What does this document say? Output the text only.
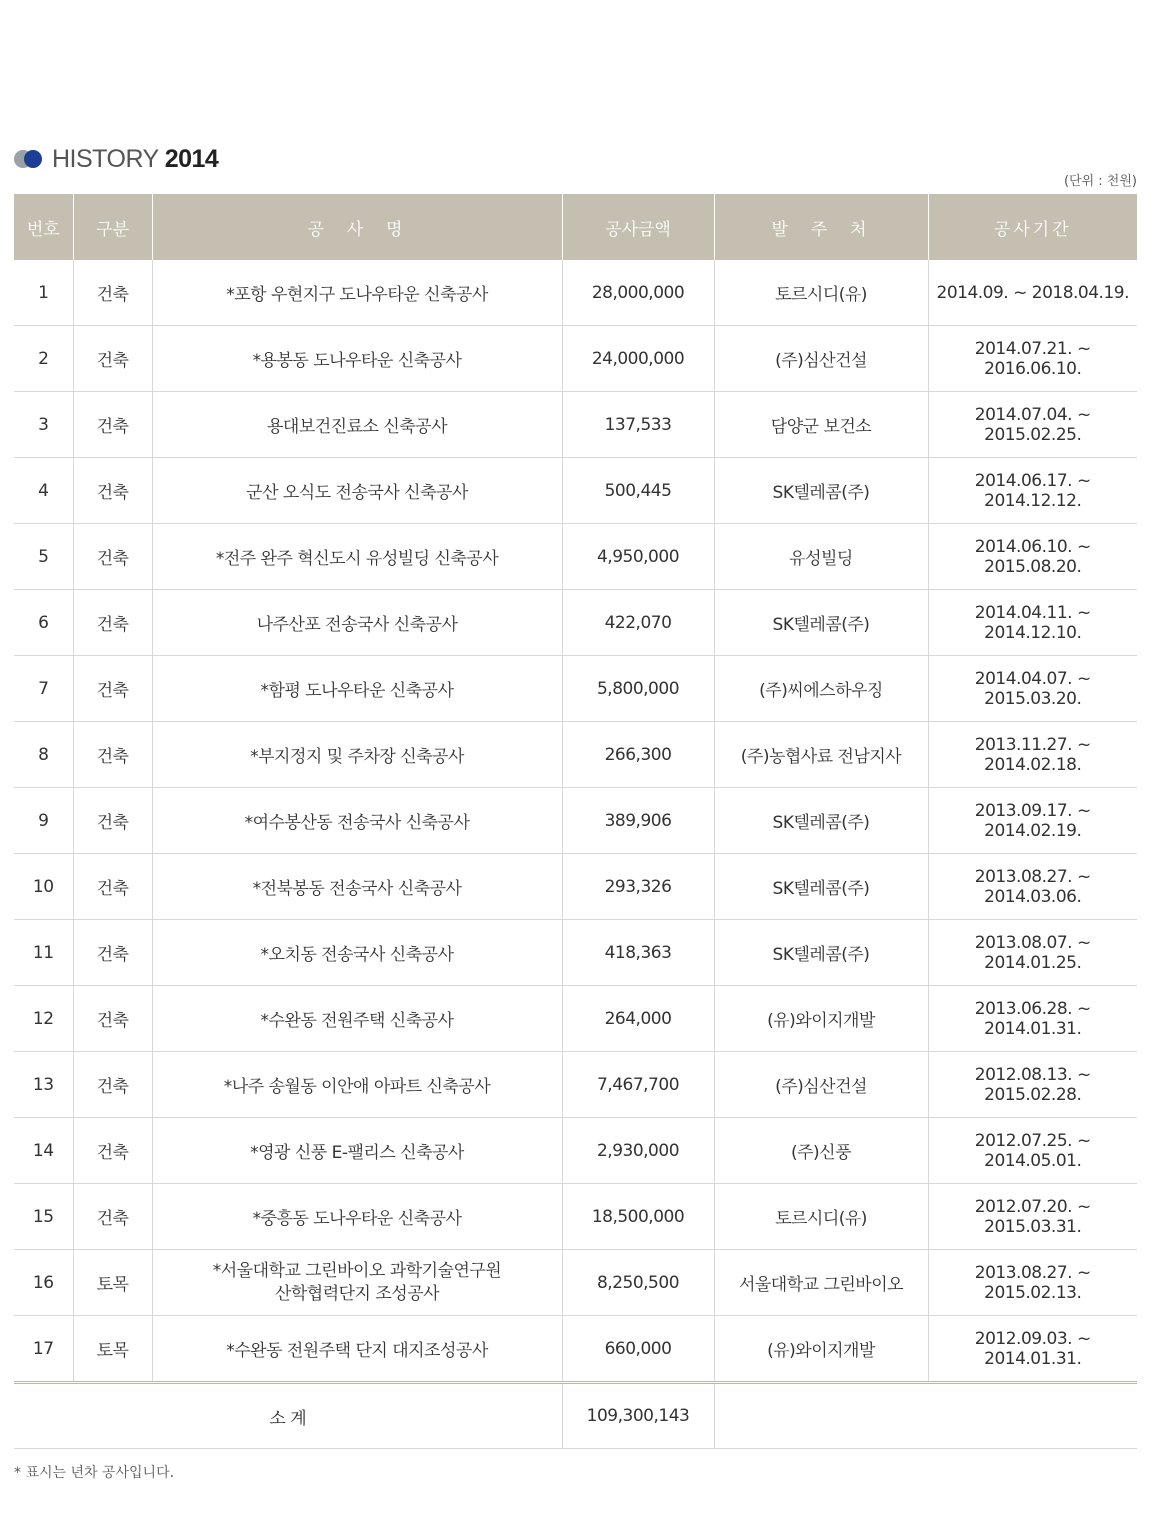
HISTORY 2014
(단위 : 천원)
번호	구분	공  사  명	공사금액	발  주  처	공사기간
1	건축	*포항 우현지구 도나우타운 신축공사	28,000,000	토르시디(유)	2014.09. ~ 2018.04.19.
2	건축	*용봉동 도나우타운 신축공사	24,000,000	(주)심산건설	2014.07.21. ~ 2016.06.10.
3	건축	용대보건진료소 신축공사	137,533	담양군 보건소	2014.07.04. ~ 2015.02.25.
4	건축	군산 오식도 전송국사 신축공사	500,445	SK텔레콤(주)	2014.06.17. ~ 2014.12.12.
5	건축	*전주 완주 혁신도시 유성빌딩 신축공사	4,950,000	유성빌딩	2014.06.10. ~ 2015.08.20.
6	건축	나주산포 전송국사 신축공사	422,070	SK텔레콤(주)	2014.04.11. ~ 2014.12.10.
7	건축	*함평 도나우타운 신축공사	5,800,000	(주)씨에스하우징	2014.04.07. ~ 2015.03.20.
8	건축	*부지정지 및 주차장 신축공사	266,300	(주)농협사료 전남지사	2013.11.27. ~ 2014.02.18.
9	건축	*여수봉산동 전송국사 신축공사	389,906	SK텔레콤(주)	2013.09.17. ~ 2014.02.19.
10	건축	*전북봉동 전송국사 신축공사	293,326	SK텔레콤(주)	2013.08.27. ~ 2014.03.06.
11	건축	*오치동 전송국사 신축공사	418,363	SK텔레콤(주)	2013.08.07. ~ 2014.01.25.
12	건축	*수완동 전원주택 신축공사	264,000	(유)와이지개발	2013.06.28. ~ 2014.01.31.
13	건축	*나주 송월동 이안애 아파트 신축공사	7,467,700	(주)심산건설	2012.08.13. ~ 2015.02.28.
14	건축	*영광 신풍 E-팰리스 신축공사	2,930,000	(주)신풍	2012.07.25. ~ 2014.05.01.
15	건축	*중흥동 도나우타운 신축공사	18,500,000	토르시디(유)	2012.07.20. ~ 2015.03.31.
16	토목	*서울대학교 그린바이오 과학기술연구원
산학협력단지 조성공사	8,250,500	서울대학교 그린바이오	2013.08.27. ~ 2015.02.13.
17	토목	*수완동 전원주택 단지 대지조성공사	660,000	(유)와이지개발	2012.09.03. ~ 2014.01.31.
소 계			109,300,143		
* 표시는 년차 공사입니다.
